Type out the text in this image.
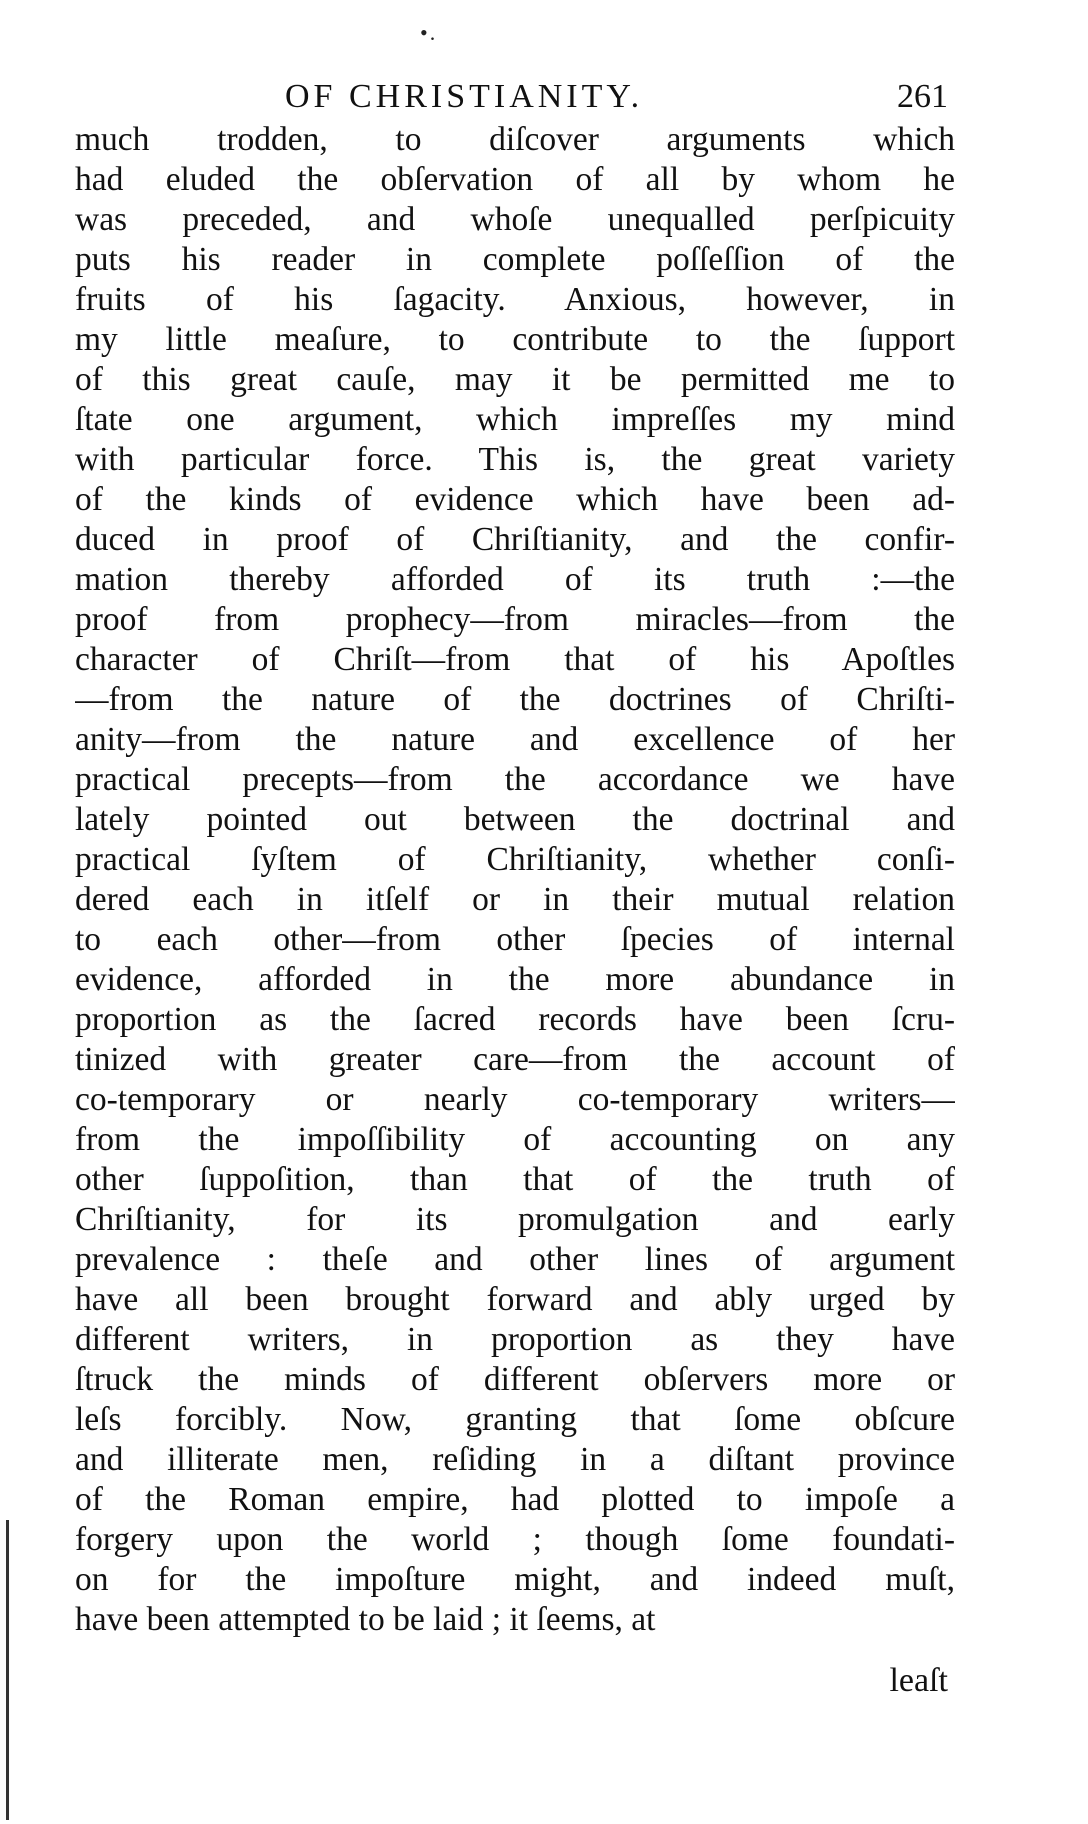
•.
OF CHRISTIANITY.	261
much trodden, to diſcover arguments which
had eluded the obſervation of all by whom he
was preceded, and whoſe unequalled perſpicuity
puts his reader in complete poſſeſſion of the
fruits of his ſagacity. Anxious, however, in
my little meaſure, to contribute to the ſupport
of this great cauſe, may it be permitted me to
ſtate one argument, which impreſſes my mind
with particular force. This is, the great variety
of the kinds of evidence which have been ad-
duced in proof of Chriſtianity, and the confir-
mation thereby afforded of its truth :—the
proof from prophecy—from miracles—from the
character of Chriſt—from that of his Apoſtles
—from the nature of the doctrines of Chriſti-
anity—from the nature and excellence of her
practical precepts—from the accordance we have
lately pointed out between the doctrinal and
practical ſyſtem of Chriſtianity, whether conſi-
dered each in itſelf or in their mutual relation
to each other—from other ſpecies of internal
evidence, afforded in the more abundance in
proportion as the ſacred records have been ſcru-
tinized with greater care—from the account of
co-temporary or nearly co-temporary writers—
from the impoſſibility of accounting on any
other ſuppoſition, than that of the truth of
Chriſtianity, for its promulgation and early
prevalence : theſe and other lines of argument
have all been brought forward and ably urged by
different writers, in proportion as they have
ſtruck the minds of different obſervers more or
leſs forcibly. Now, granting that ſome obſcure
and illiterate men, reſiding in a diſtant province
of the Roman empire, had plotted to impoſe a
forgery upon the world ; though ſome foundati-
on for the impoſture might, and indeed muſt,
have been attempted to be laid ; it ſeems, at
leaſt
